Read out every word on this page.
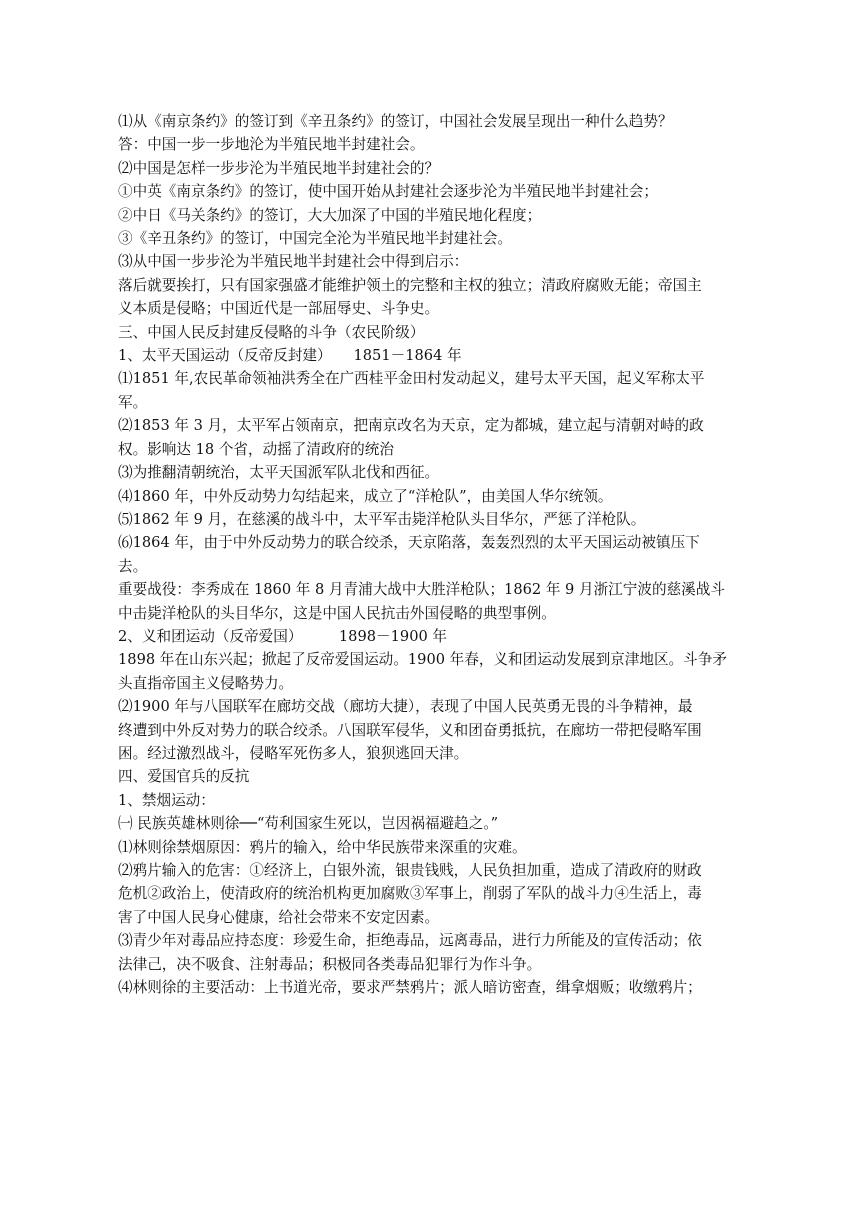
⑴从《南京条约》的签订到《辛丑条约》的签订，中国社会发展呈现出一种什么趋势？
答：中国一步一步地沦为半殖民地半封建社会。
⑵中国是怎样一步步沦为半殖民地半封建社会的？
①中英《南京条约》的签订，使中国开始从封建社会逐步沦为半殖民地半封建社会；
②中日《马关条约》的签订，大大加深了中国的半殖民地化程度；
③《辛丑条约》的签订，中国完全沦为半殖民地半封建社会。
⑶从中国一步步沦为半殖民地半封建社会中得到启示：
落后就要挨打，只有国家强盛才能维护领土的完整和主权的独立；清政府腐败无能；帝国主
义本质是侵略；中国近代是一部屈辱史、斗争史。
三、中国人民反封建反侵略的斗争（农民阶级）
1、太平天国运动（反帝反封建）　　1851－1864 年
⑴1851 年,农民革命领袖洪秀全在广西桂平金田村发动起义，建号太平天国，起义军称太平
军。
⑵1853 年 3 月，太平军占领南京，把南京改名为天京，定为都城，建立起与清朝对峙的政
权。影响达 18 个省，动摇了清政府的统治
⑶为推翻清朝统治，太平天国派军队北伐和西征。
⑷1860 年，中外反动势力勾结起来，成立了“洋枪队”，由美国人华尔统领。
⑸1862 年 9 月，在慈溪的战斗中，太平军击毙洋枪队头目华尔，严惩了洋枪队。
⑹1864 年，由于中外反动势力的联合绞杀，天京陷落，轰轰烈烈的太平天国运动被镇压下
去。
重要战役：李秀成在 1860 年 8 月青浦大战中大胜洋枪队；1862 年 9 月浙江宁波的慈溪战斗
中击毙洋枪队的头目华尔，这是中国人民抗击外国侵略的典型事例。
2、义和团运动（反帝爱国）　　　1898－1900 年
1898 年在山东兴起；掀起了反帝爱国运动。1900 年春，义和团运动发展到京津地区。斗争矛
头直指帝国主义侵略势力。
⑵1900 年与八国联军在廊坊交战（廊坊大捷），表现了中国人民英勇无畏的斗争精神，最
终遭到中外反对势力的联合绞杀。八国联军侵华，义和团奋勇抵抗，在廊坊一带把侵略军围
困。经过激烈战斗，侵略军死伤多人，狼狈逃回天津。
四、爱国官兵的反抗
1、禁烟运动：
㈠ 民族英雄林则徐──“苟利国家生死以，岂因祸福避趋之。”
⑴林则徐禁烟原因：鸦片的输入，给中华民族带来深重的灾难。
⑵鸦片输入的危害：①经济上，白银外流，银贵钱贱，人民负担加重，造成了清政府的财政
危机②政治上，使清政府的统治机构更加腐败③军事上，削弱了军队的战斗力④生活上，毒
害了中国人民身心健康，给社会带来不安定因素。
⑶青少年对毒品应持态度：珍爱生命，拒绝毒品，远离毒品，进行力所能及的宣传活动；依
法律己，决不吸食、注射毒品；积极同各类毒品犯罪行为作斗争。
⑷林则徐的主要活动：上书道光帝，要求严禁鸦片；派人暗访密查，缉拿烟贩；收缴鸦片；
